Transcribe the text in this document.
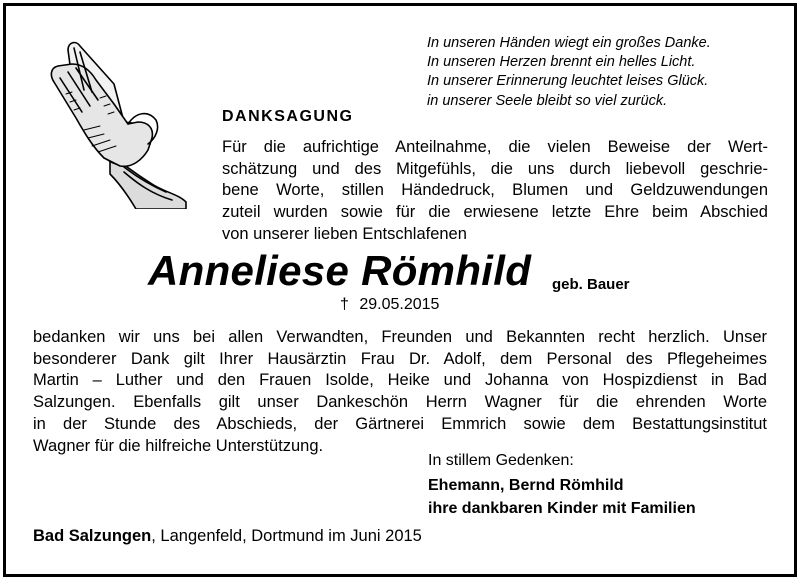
In unseren Händen wiegt ein großes Danke.
In unseren Herzen brennt ein helles Licht.
In unserer Erinnerung leuchtet leises Glück.
in unserer Seele bleibt so viel zurück.
DANKSAGUNG
Für die aufrichtige Anteilnahme, die vielen Beweise der Wert-
schätzung und des Mitgefühls, die uns durch liebevoll geschrie-
bene Worte, stillen Händedruck, Blumen und Geldzuwendungen
zuteil wurden sowie für die erwiesene letzte Ehre beim Abschied
von unserer lieben Entschlafenen
Anneliese Römhild geb. Bauer
† 29.05.2015
bedanken wir uns bei allen Verwandten, Freunden und Bekannten recht herzlich. Unser
besonderer Dank gilt Ihrer Hausärztin Frau Dr. Adolf, dem Personal des Pflegeheimes
Martin – Luther und den Frauen Isolde, Heike und Johanna von Hospizdienst in Bad
Salzungen. Ebenfalls gilt unser Dankeschön Herrn Wagner für die ehrenden Worte
in der Stunde des Abschieds, der Gärtnerei Emmrich sowie dem Bestattungsinstitut
Wagner für die hilfreiche Unterstützung.
In stillem Gedenken:
Ehemann, Bernd Römhild
ihre dankbaren Kinder mit Familien
Bad Salzungen, Langenfeld, Dortmund im Juni 2015
